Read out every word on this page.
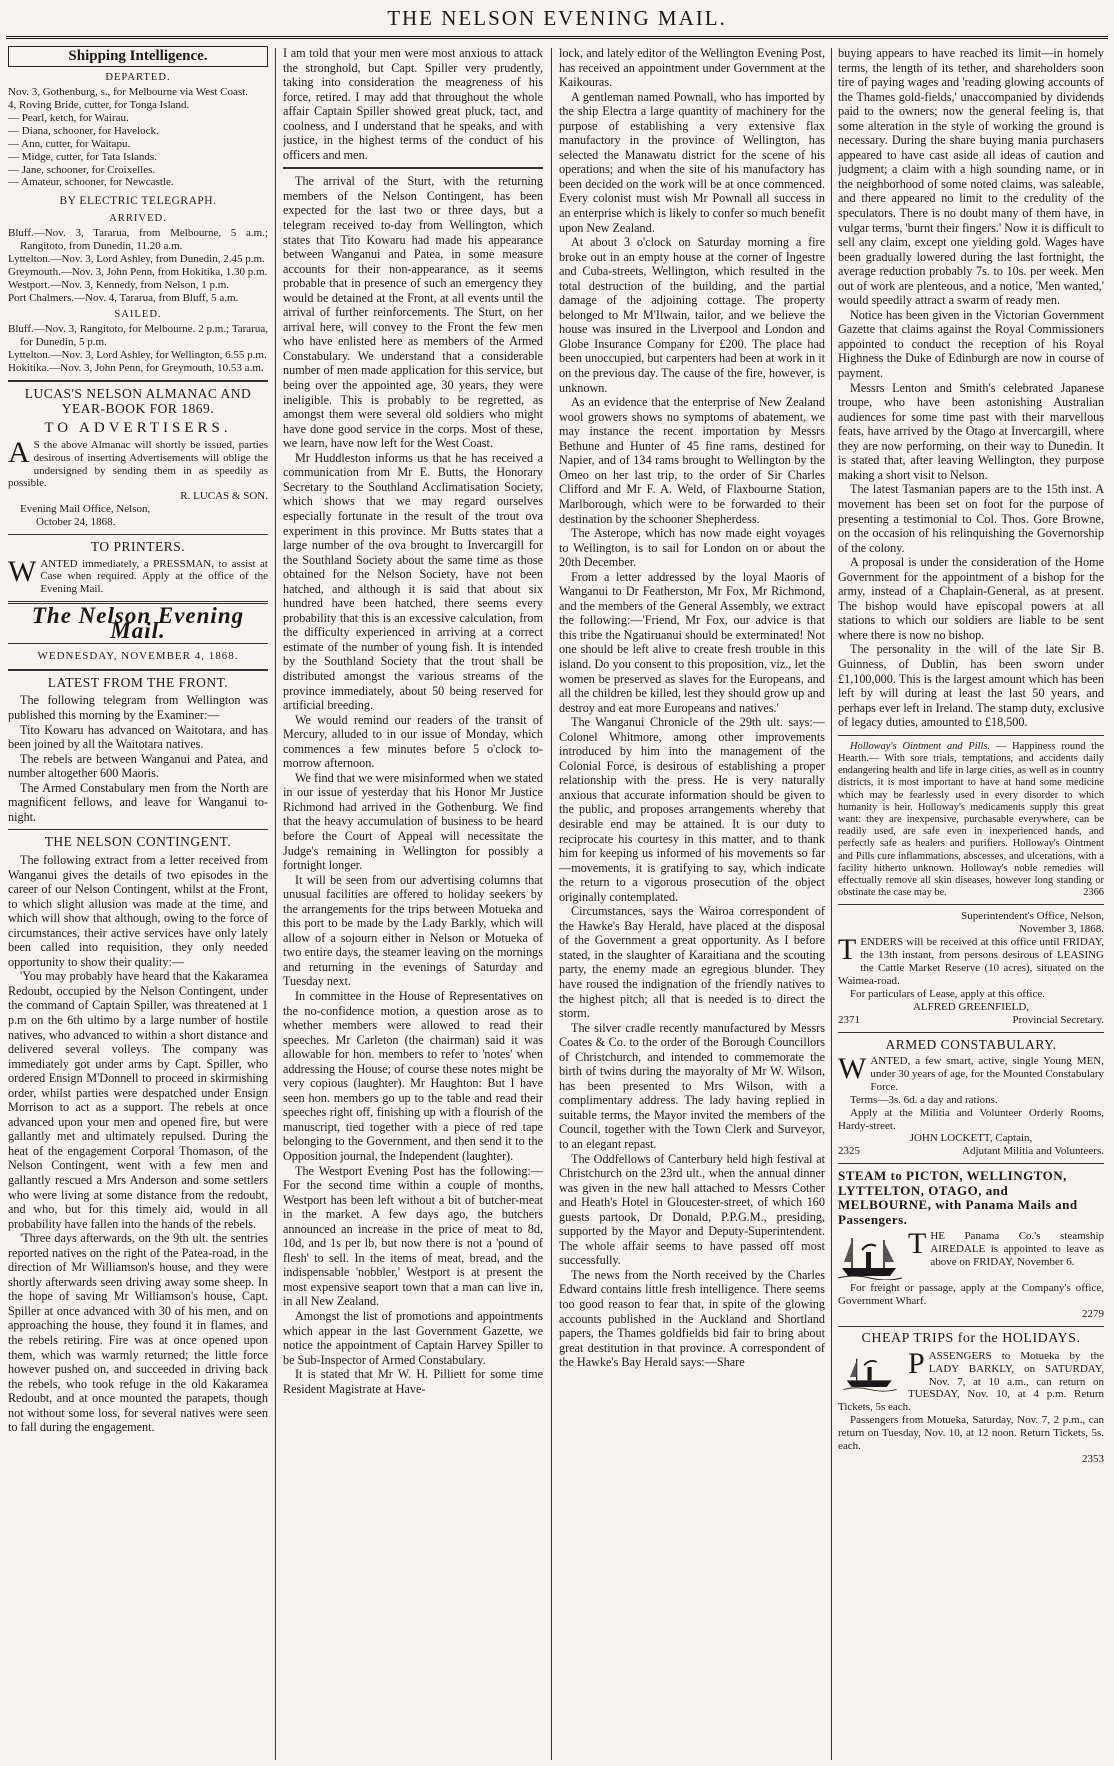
THE NELSON EVENING MAIL.
Shipping Intelligence.
DEPARTED.

Nov. 3, Gothenburg, s., for Melbourne via West Coast.

4, Roving Bride, cutter, for Tonga Island.

— Pearl, ketch, for Wairau.

— Diana, schooner, for Havelock.

— Ann, cutter, for Waitapu.

— Midge, cutter, for Tata Islands.

— Jane, schooner, for Croixelles.

— Amateur, schooner, for Newcastle.

BY ELECTRIC TELEGRAPH.
ARRIVED.

Bluff.—Nov. 3, Tararua, from Melbourne, 5 a.m.; Rangitoto, from Dunedin, 11.20 a.m.

Lyttelton.—Nov. 3, Lord Ashley, from Dunedin, 2.45 p.m.

Greymouth.—Nov. 3, John Penn, from Hokitika, 1.30 p.m.

Westport.—Nov. 3, Kennedy, from Nelson, 1 p.m.

Port Chalmers.—Nov. 4, Tararua, from Bluff, 5 a.m.

SAILED.

Bluff.—Nov. 3, Rangitoto, for Melbourne. 2 p.m.; Tararua, for Dunedin, 5 p.m.

Lyttelton.—Nov. 3, Lord Ashley, for Wellington, 6.55 p.m.

Hokitika.—Nov. 3, John Penn, for Greymouth, 10.53 a.m.

LUCAS'S NELSON ALMANAC AND YEAR-BOOK FOR 1869.
TO ADVERTISERS.
A S the above Almanac will shortly be issued, parties desirous of inserting Advertisements will oblige the undersigned by sending them in as speedily as possible.
R. LUCAS & SON.
Evening Mail Office, Nelson,
October 24, 1868.
TO PRINTERS.
W ANTED immediately, a PRESSMAN, to assist at Case when required. Apply at the office of the Evening Mail.
The Nelson Evening Mail.
WEDNESDAY, NOVEMBER 4, 1868.
LATEST FROM THE FRONT.

The following telegram from Wellington was published this morning by the Examiner:—

Tito Kowaru has advanced on Waitotara, and has been joined by all the Waitotara natives.

The rebels are between Wanganui and Patea, and number altogether 600 Maoris.

The Armed Constabulary men from the North are magnificent fellows, and leave for Wanganui to-night.

THE NELSON CONTINGENT.

The following extract from a letter received from Wanganui gives the details of two episodes in the career of our Nelson Contingent, whilst at the Front, to which slight allusion was made at the time, and which will show that although, owing to the force of circumstances, their active services have only lately been called into requisition, they only needed opportunity to show their quality:—

'You may probably have heard that the Kakaramea Redoubt, occupied by the Nelson Contingent, under the command of Captain Spiller, was threatened at 1 p.m on the 6th ultimo by a large number of hostile natives, who advanced to within a short distance and delivered several volleys. The company was immediately got under arms by Capt. Spiller, who ordered Ensign M'Donnell to proceed in skirmishing order, whilst parties were despatched under Ensign Morrison to act as a support. The rebels at once advanced upon your men and opened fire, but were gallantly met and ultimately repulsed. During the heat of the engagement Corporal Thomason, of the Nelson Contingent, went with a few men and gallantly rescued a Mrs Anderson and some settlers who were living at some distance from the redoubt, and who, but for this timely aid, would in all probability have fallen into the hands of the rebels.

'Three days afterwards, on the 9th ult. the sentries reported natives on the right of the Patea-road, in the direction of Mr Williamson's house, and they were shortly afterwards seen driving away some sheep. In the hope of saving Mr Williamson's house, Capt. Spiller at once advanced with 30 of his men, and on approaching the house, they found it in flames, and the rebels retiring. Fire was at once opened upon them, which was warmly returned; the little force however pushed on, and succeeded in driving back the rebels, who took refuge in the old Kakaramea Redoubt, and at once mounted the parapets, though not without some loss, for several natives were seen to fall during the engagement.

I am told that your men were most anxious to attack the stronghold, but Capt. Spiller very prudently, taking into consideration the meagreness of his force, retired. I may add that throughout the whole affair Captain Spiller showed great pluck, tact, and coolness, and I understand that he speaks, and with justice, in the highest terms of the conduct of his officers and men.

The arrival of the Sturt, with the returning members of the Nelson Contingent, has been expected for the last two or three days, but a telegram received to-day from Wellington, which states that Tito Kowaru had made his appearance between Wanganui and Patea, in some measure accounts for their non-appearance, as it seems probable that in presence of such an emergency they would be detained at the Front, at all events until the arrival of further reinforcements. The Sturt, on her arrival here, will convey to the Front the few men who have enlisted here as members of the Armed Constabulary. We understand that a considerable number of men made application for this service, but being over the appointed age, 30 years, they were ineligible. This is probably to be regretted, as amongst them were several old soldiers who might have done good service in the corps. Most of these, we learn, have now left for the West Coast.

Mr Huddleston informs us that he has received a communication from Mr E. Butts, the Honorary Secretary to the Southland Acclimatisation Society, which shows that we may regard ourselves especially fortunate in the result of the trout ova experiment in this province. Mr Butts states that a large number of the ova brought to Invercargill for the Southland Society about the same time as those obtained for the Nelson Society, have not been hatched, and although it is said that about six hundred have been hatched, there seems every probability that this is an excessive calculation, from the difficulty experienced in arriving at a correct estimate of the number of young fish. It is intended by the Southland Society that the trout shall be distributed amongst the various streams of the province immediately, about 50 being reserved for artificial breeding.

We would remind our readers of the transit of Mercury, alluded to in our issue of Monday, which commences a few minutes before 5 o'clock to-morrow afternoon.

We find that we were misinformed when we stated in our issue of yesterday that his Honor Mr Justice Richmond had arrived in the Gothenburg. We find that the heavy accumulation of business to be heard before the Court of Appeal will necessitate the Judge's remaining in Wellington for possibly a fortnight longer.

It will be seen from our advertising columns that unusual facilities are offered to holiday seekers by the arrangements for the trips between Motueka and this port to be made by the Lady Barkly, which will allow of a sojourn either in Nelson or Motueka of two entire days, the steamer leaving on the mornings and returning in the evenings of Saturday and Tuesday next.

In committee in the House of Representatives on the no-confidence motion, a question arose as to whether members were allowed to read their speeches. Mr Carleton (the chairman) said it was allowable for hon. members to refer to 'notes' when addressing the House; of course these notes might be very copious (laughter). Mr Haughton: But I have seen hon. members go up to the table and read their speeches right off, finishing up with a flourish of the manuscript, tied together with a piece of red tape belonging to the Government, and then send it to the Opposition journal, the Independent (laughter).

The Westport Evening Post has the following:—For the second time within a couple of months, Westport has been left without a bit of butcher-meat in the market. A few days ago, the butchers announced an increase in the price of meat to 8d, 10d, and 1s per lb, but now there is not a 'pound of flesh' to sell. In the items of meat, bread, and the indispensable 'nobbler,' Westport is at present the most expensive seaport town that a man can live in, in all New Zealand.

Amongst the list of promotions and appointments which appear in the last Government Gazette, we notice the appointment of Captain Harvey Spiller to be Sub-Inspector of Armed Constabulary.

It is stated that Mr W. H. Pilliett for some time Resident Magistrate at Have-

lock, and lately editor of the Wellington Evening Post, has received an appointment under Government at the Kaikouras.

A gentleman named Pownall, who has imported by the ship Electra a large quantity of machinery for the purpose of establishing a very extensive flax manufactory in the province of Wellington, has selected the Manawatu district for the scene of his operations; and when the site of his manufactory has been decided on the work will be at once commenced. Every colonist must wish Mr Pownall all success in an enterprise which is likely to confer so much benefit upon New Zealand.

At about 3 o'clock on Saturday morning a fire broke out in an empty house at the corner of Ingestre and Cuba-streets, Wellington, which resulted in the total destruction of the building, and the partial damage of the adjoining cottage. The property belonged to Mr M'Ilwain, tailor, and we believe the house was insured in the Liverpool and London and Globe Insurance Company for £200. The place had been unoccupied, but carpenters had been at work in it on the previous day. The cause of the fire, however, is unknown.

As an evidence that the enterprise of New Zealand wool growers shows no symptoms of abatement, we may instance the recent importation by Messrs Bethune and Hunter of 45 fine rams, destined for Napier, and of 134 rams brought to Wellington by the Omeo on her last trip, to the order of Sir Charles Clifford and Mr F. A. Weld, of Flaxbourne Station, Marlborough, which were to be forwarded to their destination by the schooner Shepherdess.

The Asterope, which has now made eight voyages to Wellington, is to sail for London on or about the 20th December.

From a letter addressed by the loyal Maoris of Wanganui to Dr Featherston, Mr Fox, Mr Richmond, and the members of the General Assembly, we extract the following:—'Friend, Mr Fox, our advice is that this tribe the Ngatiruanui should be exterminated! Not one should be left alive to create fresh trouble in this island. Do you consent to this proposition, viz., let the women be preserved as slaves for the Europeans, and all the children be killed, lest they should grow up and destroy and eat more Europeans and natives.'

The Wanganui Chronicle of the 29th ult. says:—Colonel Whitmore, among other improvements introduced by him into the management of the Colonial Force, is desirous of establishing a proper relationship with the press. He is very naturally anxious that accurate information should be given to the public, and proposes arrangements whereby that desirable end may be attained. It is our duty to reciprocate his courtesy in this matter, and to thank him for keeping us informed of his movements so far—movements, it is gratifying to say, which indicate the return to a vigorous prosecution of the object originally contemplated.

Circumstances, says the Wairoa correspondent of the Hawke's Bay Herald, have placed at the disposal of the Government a great opportunity. As I before stated, in the slaughter of Karaitiana and the scouting party, the enemy made an egregious blunder. They have roused the indignation of the friendly natives to the highest pitch; all that is needed is to direct the storm.

The silver cradle recently manufactured by Messrs Coates & Co. to the order of the Borough Councillors of Christchurch, and intended to commemorate the birth of twins during the mayoralty of Mr W. Wilson, has been presented to Mrs Wilson, with a complimentary address. The lady having replied in suitable terms, the Mayor invited the members of the Council, together with the Town Clerk and Surveyor, to an elegant repast.

The Oddfellows of Canterbury held high festival at Christchurch on the 23rd ult., when the annual dinner was given in the new hall attached to Messrs Cother and Heath's Hotel in Gloucester-street, of which 160 guests partook, Dr Donald, P.P.G.M., presiding, supported by the Mayor and Deputy-Superintendent. The whole affair seems to have passed off most successfully.

The news from the North received by the Charles Edward contains little fresh intelligence. There seems too good reason to fear that, in spite of the glowing accounts published in the Auckland and Shortland papers, the Thames goldfields bid fair to bring about great destitution in that province. A correspondent of the Hawke's Bay Herald says:—Share

buying appears to have reached its limit—in homely terms, the length of its tether, and shareholders soon tire of paying wages and 'reading glowing accounts of the Thames gold-fields,' unaccompanied by dividends paid to the owners; now the general feeling is, that some alteration in the style of working the ground is necessary. During the share buying mania purchasers appeared to have cast aside all ideas of caution and judgment; a claim with a high sounding name, or in the neighborhood of some noted claims, was saleable, and there appeared no limit to the credulity of the speculators. There is no doubt many of them have, in vulgar terms, 'burnt their fingers.' Now it is difficult to sell any claim, except one yielding gold. Wages have been gradually lowered during the last fortnight, the average reduction probably 7s. to 10s. per week. Men out of work are plenteous, and a notice, 'Men wanted,' would speedily attract a swarm of ready men.

Notice has been given in the Victorian Government Gazette that claims against the Royal Commissioners appointed to conduct the reception of his Royal Highness the Duke of Edinburgh are now in course of payment.

Messrs Lenton and Smith's celebrated Japanese troupe, who have been astonishing Australian audiences for some time past with their marvellous feats, have arrived by the Otago at Invercargill, where they are now performing, on their way to Dunedin. It is stated that, after leaving Wellington, they purpose making a short visit to Nelson.

The latest Tasmanian papers are to the 15th inst. A movement has been set on foot for the purpose of presenting a testimonial to Col. Thos. Gore Browne, on the occasion of his relinquishing the Governorship of the colony.

A proposal is under the consideration of the Home Government for the appointment of a bishop for the army, instead of a Chaplain-General, as at present. The bishop would have episcopal powers at all stations to which our soldiers are liable to be sent where there is now no bishop.

The personality in the will of the late Sir B. Guinness, of Dublin, has been sworn under £1,100,000. This is the largest amount which has been left by will during at least the last 50 years, and perhaps ever left in Ireland. The stamp duty, exclusive of legacy duties, amounted to £18,500.

Holloway's Ointment and Pills. — Happiness round the Hearth.— With sore trials, temptations, and accidents daily endangering health and life in large cities, as well as in country districts, it is most important to have at hand some medicine which may be fearlessly used in every disorder to which humanity is heir. Holloway's medicaments supply this great want: they are inexpensive, purchasable everywhere, can be readily used, are safe even in inexperienced hands, and perfectly safe as healers and purifiers. Holloway's Ointment and Pills cure inflammations, abscesses, and ulcerations, with a facility hitherto unknown. Holloway's noble remedies will effectually remove all skin diseases, however long standing or obstinate the case may be.	2366

Superintendent's Office, Nelson,
November 3, 1868.
T ENDERS will be received at this office until FRIDAY, the 13th instant, from persons desirous of LEASING the Cattle Market Reserve (10 acres), situated on the Waimea-road.

For particulars of Lease, apply at this office.

ALFRED GREENFIELD,
2371	Provincial Secretary.
ARMED CONSTABULARY.
W ANTED, a few smart, active, single Young MEN, under 30 years of age, for the Mounted Constabulary Force.

Terms—3s. 6d. a day and rations.

Apply at the Militia and Volunteer Orderly Rooms, Hardy-street.

JOHN LOCKETT, Captain,
2325	Adjutant Militia and Volunteers.
STEAM to PICTON, WELLINGTON, LYTTELTON, OTAGO, and MELBOURNE, with Panama Mails and Passengers.
T HE Panama Co.'s steamship AIREDALE is appointed to leave as above on FRIDAY, November 6.

For freight or passage, apply at the Company's office, Government Wharf.

2279
CHEAP TRIPS for the HOLIDAYS.
P ASSENGERS to Motueka by the LADY BARKLY, on SATURDAY, Nov. 7, at 10 a.m., can return on TUESDAY, Nov. 10, at 4 p.m. Return Tickets, 5s each.

Passengers from Motueka, Saturday, Nov. 7, 2 p.m., can return on Tuesday, Nov. 10, at 12 noon. Return Tickets, 5s. each.

2353
